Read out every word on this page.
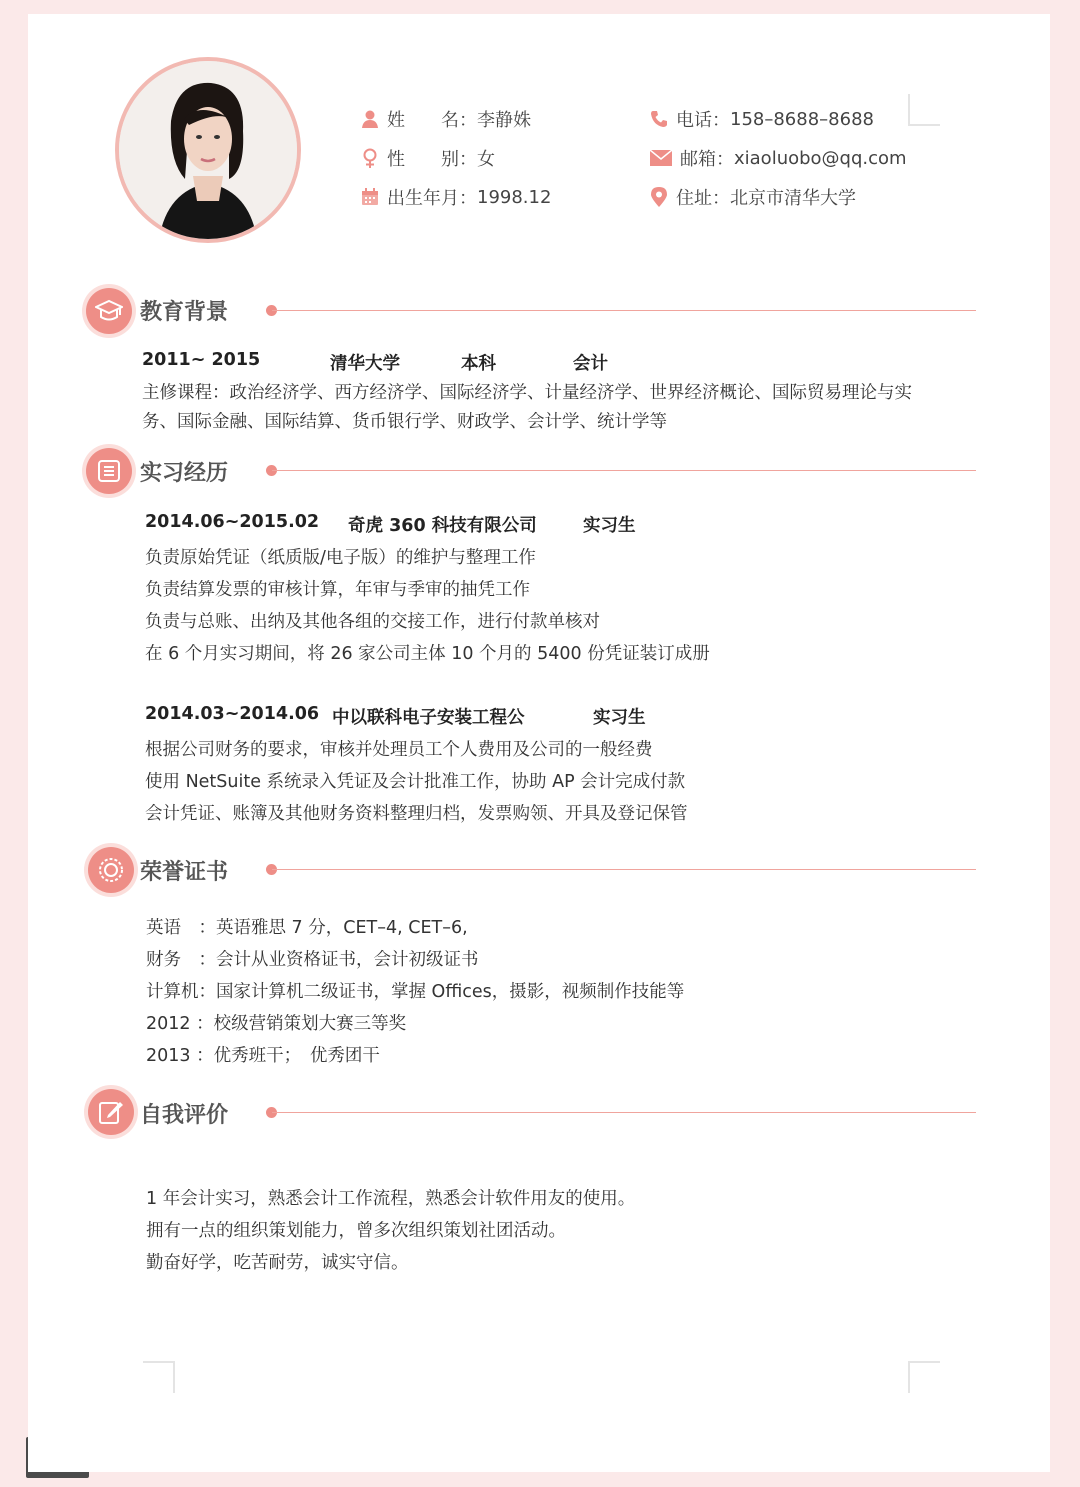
姓 名： 李静姝
性 别： 女
出生年月： 1998.12
电话： 158–8688–8688
邮箱： xiaoluobo@qq.com
住址： 北京市清华大学
教育背景
2011~ 2015	清华大学	本科	会计
主修课程：政治经济学、西方经济学、国际经济学、计量经济学、世界经济概论、国际贸易理论与实
务、国际金融、国际结算、货币银行学、财政学、会计学、统计学等
实习经历
2014.06~2015.02 奇虎 360 科技有限公司	实习生
负责原始凭证（纸质版/电子版）的维护与整理工作
负责结算发票的审核计算，年审与季审的抽凭工作
负责与总账、出纳及其他各组的交接工作，进行付款单核对
在 6 个月实习期间，将 26 家公司主体 10 个月的 5400 份凭证装订成册
2014.03~2014.06 中以联科电子安装工程公	实习生
根据公司财务的要求，审核并处理员工个人费用及公司的一般经费
使用 NetSuite 系统录入凭证及会计批准工作，协助 AP 会计完成付款
会计凭证、账簿及其他财务资料整理归档，发票购领、开具及登记保管
荣誉证书
英语　：英语雅思 7 分，CET–4, CET–6,
财务　：会计从业资格证书，会计初级证书
计算机：国家计算机二级证书，掌握 Offices，摄影，视频制作技能等
2012 ：校级营销策划大赛三等奖
2013 ：优秀班干；　优秀团干
自我评价
1 年会计实习，熟悉会计工作流程，熟悉会计软件用友的使用。
拥有一点的组织策划能力，曾多次组织策划社团活动。
勤奋好学，吃苦耐劳，诚实守信。
